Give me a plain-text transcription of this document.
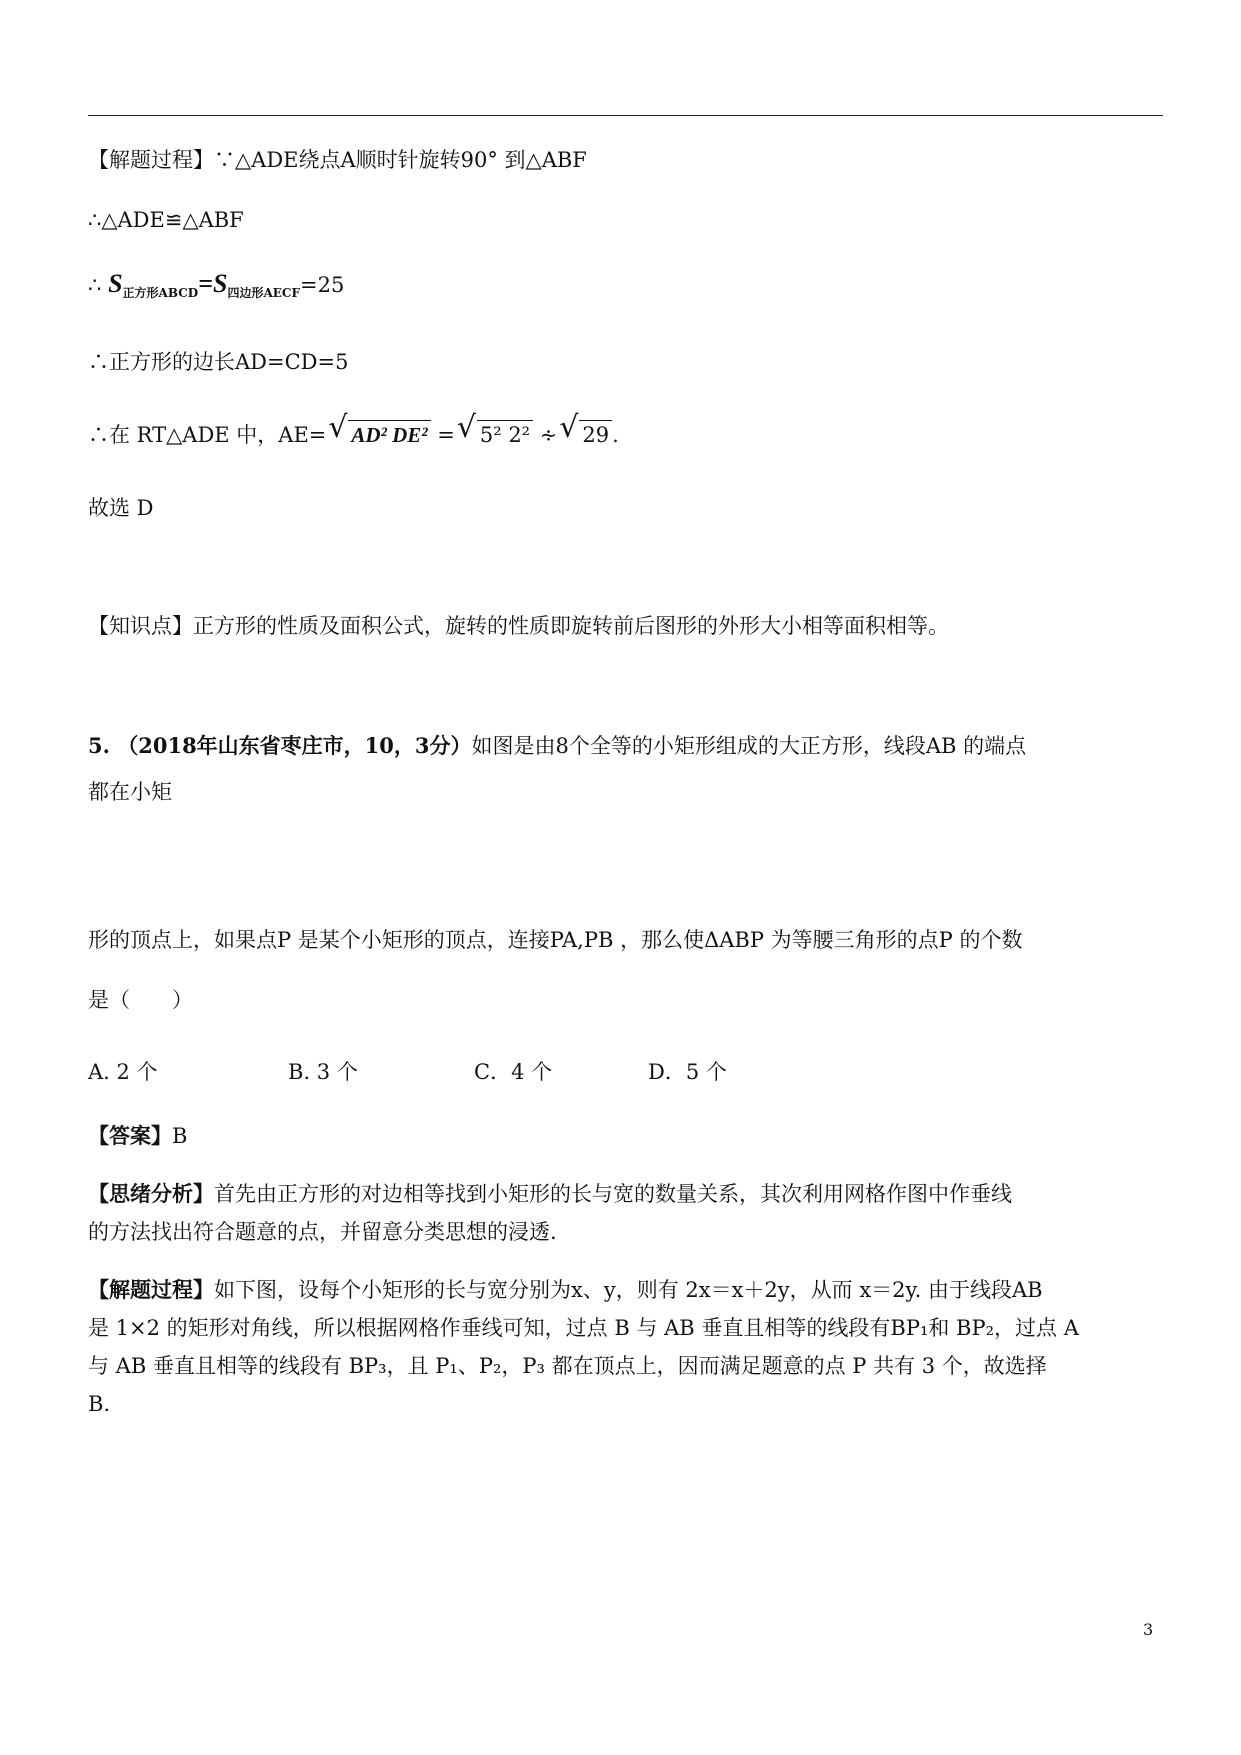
【解题过程】∵△ADE绕点A顺时针旋转90° 到△ABF
∴△ADE≌△ABF
∴ $S_{正方形ABCD}=S_{四边形AECF}=25$
∴正方形的边长AD=CD=5
∴在 RT△ADE 中，AE= √ AD² DE² = √ 5² 2² ∻ √ 29 .
故选 D
【知识点】正方形的性质及面积公式，旋转的性质即旋转前后图形的外形大小相等面积相等。
5. （2018年山东省枣庄市，10，3分）如图是由8个全等的小矩形组成的大正方形，线段AB 的端点
都在小矩
形的顶点上，如果点P 是某个小矩形的顶点，连接PA,PB ，那么使ΔABP 为等腰三角形的点P 的个数
是（　　）
A. 2 个	B. 3 个	C．4 个	D．5 个
【答案】B
【思绪分析】首先由正方形的对边相等找到小矩形的长与宽的数量关系，其次利用网格作图中作垂线
的方法找出符合题意的点，并留意分类思想的浸透.
【解题过程】如下图，设每个小矩形的长与宽分别为x、y，则有 2x＝x＋2y，从而 x＝2y. 由于线段AB
是 1×2 的矩形对角线，所以根据网格作垂线可知，过点 B 与 AB 垂直且相等的线段有BP₁和 BP₂，过点 A
与 AB 垂直且相等的线段有 BP₃，且 P₁、P₂，P₃ 都在顶点上，因而满足题意的点 P 共有 3 个，故选择
B.
3
